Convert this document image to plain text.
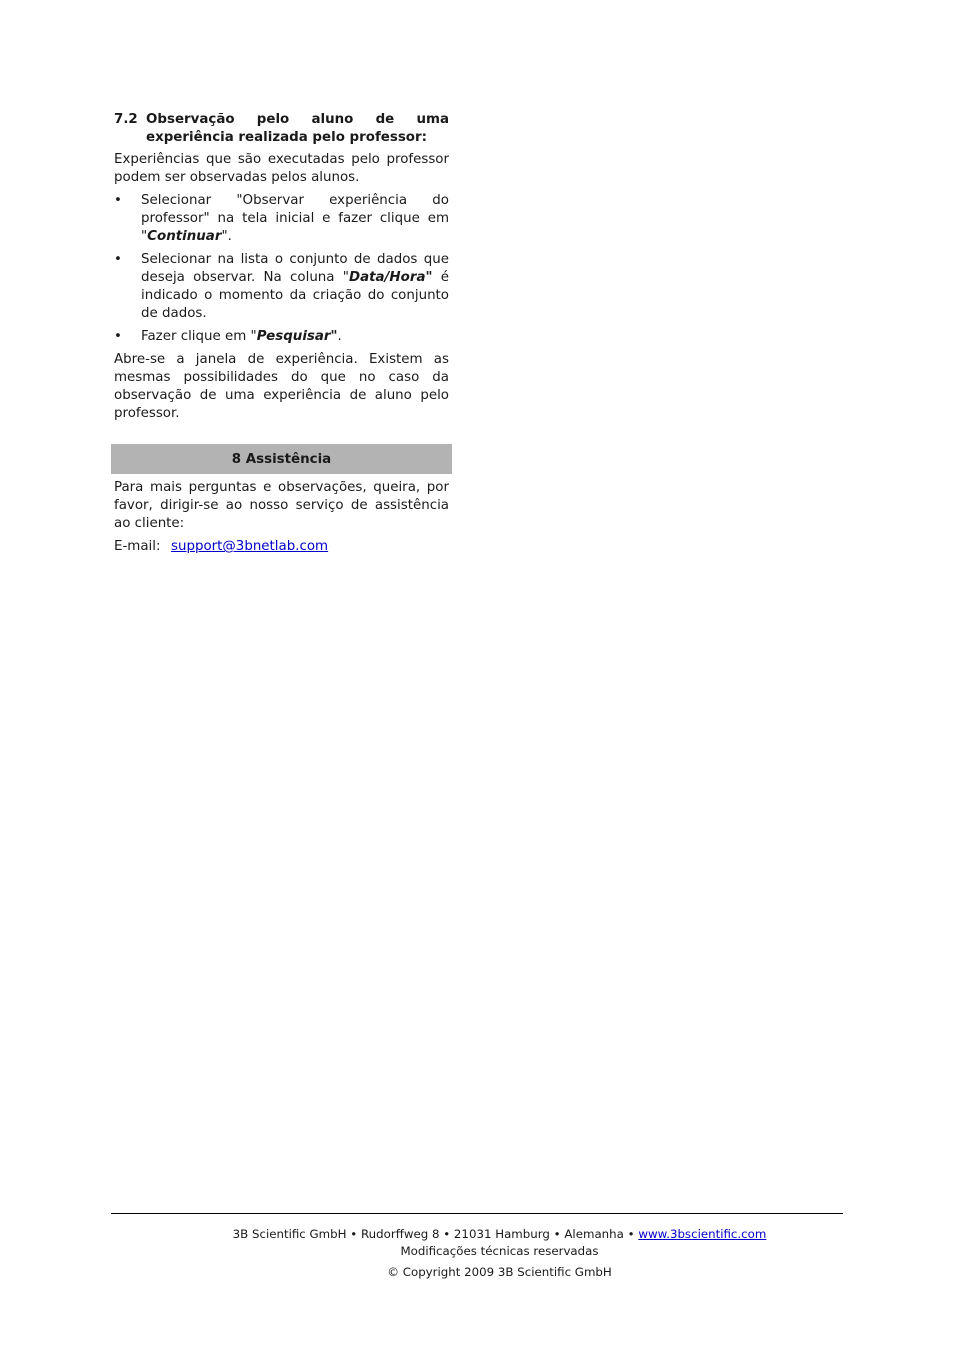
7.2 Observação pelo aluno de uma experiência realizada pelo professor:

Experiências que são executadas pelo professor podem ser observadas pelos alunos.

•	Selecionar "Observar experiência do professor" na tela inicial e fazer clique em "Continuar".
•	Selecionar na lista o conjunto de dados que deseja observar. Na coluna "Data/Hora" é indicado o momento da criação do conjunto de dados.
•	Fazer clique em "Pesquisar".

Abre-se a janela de experiência. Existem as mesmas possibilidades do que no caso da observação de uma experiência de aluno pelo professor.

8 Assistência

Para mais perguntas e observações, queira, por favor, dirigir-se ao nosso serviço de assistência ao cliente:

E-mail: support@3bnetlab.com
3B Scientific GmbH • Rudorffweg 8 • 21031 Hamburg • Alemanha • www.3bscientific.com
Modificações técnicas reservadas
© Copyright 2009 3B Scientific GmbH
